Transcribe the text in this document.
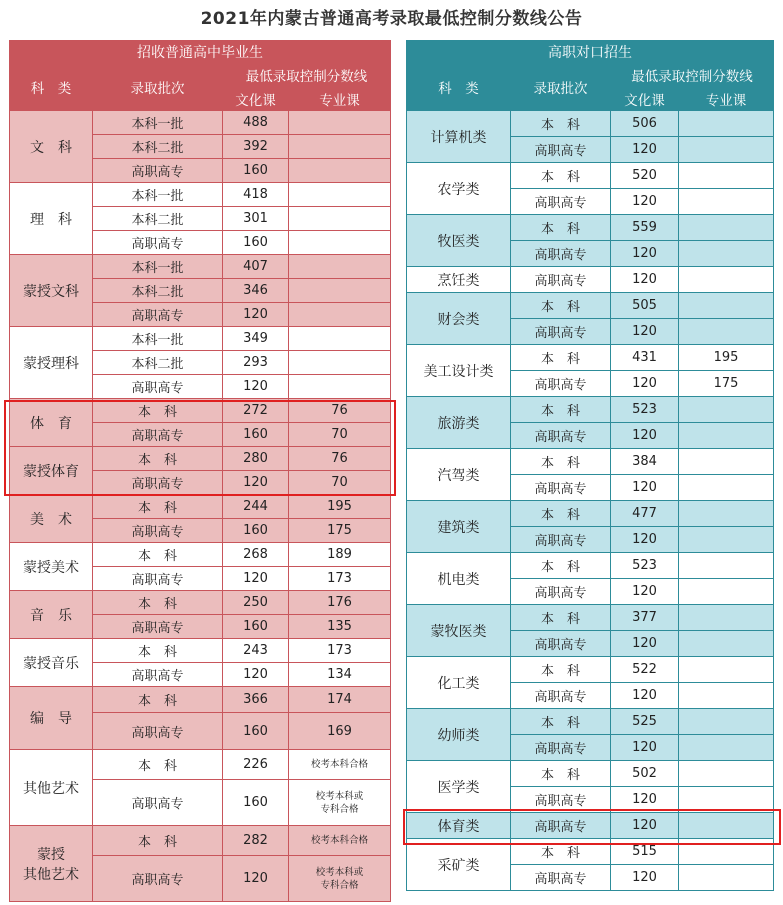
2021年内蒙古普通高考录取最低控制分数线公告
招收普通高中毕业生			
科　类	录取批次	最低录取控制分数线	
		文化课	专业课
文　科	本科一批	488	
	本科二批	392	
	高职高专	160	
理　科	本科一批	418	
	本科二批	301	
	高职高专	160	
蒙授文科	本科一批	407	
	本科二批	346	
	高职高专	120	
蒙授理科	本科一批	349	
	本科二批	293	
	高职高专	120	
体　育	本　科	272	76
	高职高专	160	70
蒙授体育	本　科	280	76
	高职高专	120	70
美　术	本　科	244	195
	高职高专	160	175
蒙授美术	本　科	268	189
	高职高专	120	173
音　乐	本　科	250	176
	高职高专	160	135
蒙授音乐	本　科	243	173
	高职高专	120	134
编　导	本　科	366	174
	高职高专	160	169
其他艺术	本　科	226	校考本科合格
	高职高专	160	校考本科或
专科合格
蒙授
其他艺术	本　科	282	校考本科合格
	高职高专	120	校考本科或
专科合格
高职对口招生			
科　类	录取批次	最低录取控制分数线	
		文化课	专业课
计算机类	本　科	506	
	高职高专	120	
农学类	本　科	520	
	高职高专	120	
牧医类	本　科	559	
	高职高专	120	
烹饪类	高职高专	120	
财会类	本　科	505	
	高职高专	120	
美工设计类	本　科	431	195
	高职高专	120	175
旅游类	本　科	523	
	高职高专	120	
汽驾类	本　科	384	
	高职高专	120	
建筑类	本　科	477	
	高职高专	120	
机电类	本　科	523	
	高职高专	120	
蒙牧医类	本　科	377	
	高职高专	120	
化工类	本　科	522	
	高职高专	120	
幼师类	本　科	525	
	高职高专	120	
医学类	本　科	502	
	高职高专	120	
体育类	高职高专	120	
采矿类	本　科	515	
	高职高专	120	
